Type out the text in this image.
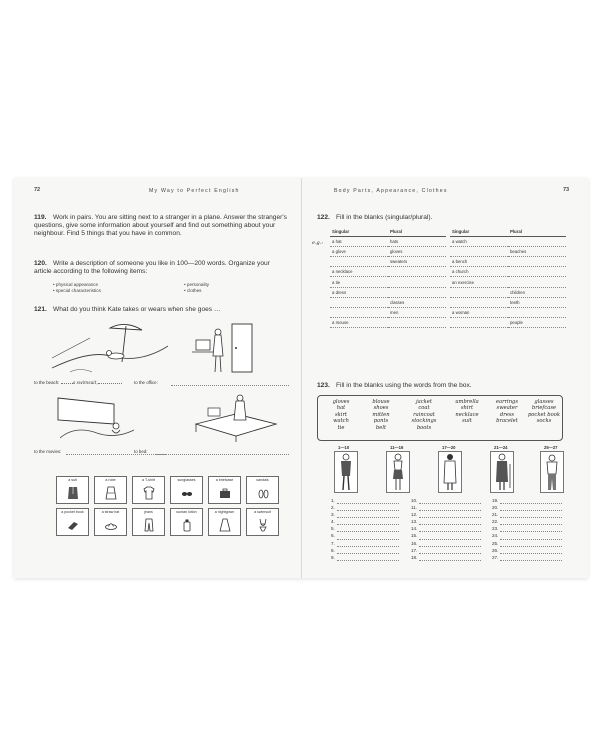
72	My Way to Perfect English
119. Work in pairs. You are sitting next to a stranger in a plane. Answer the stranger's questions, give some information about yourself and find out something about your neighbour. Find 5 things that you have in common.
120. Write a description of someone you like in 100—200 words. Organize your article according to the following items:
• physical appearance
• special characteristics
• personality
• clothes
121. What do you think Kate takes or wears when she goes …
to the beach:	a swimsuit,	to the office:
to the movies:	to bed:
a suit	a robe	a T-shirt	sunglasses	a briefcase	sandals
a pocket book	a straw hat	jeans	suntan lotion	a nightgown	a swimsuit
Body Parts, Appearance, Clothes	73
122. Fill in the blanks (singular/plural).
e.g.:
Singular	Plural		Singular	Plural
a hat	hats		a watch	
a glove	gloves			beaches
	sweaters		a bench	
a necklace			a church	
a tie			an exercise	
a dress				children
	classes			teeth
	men		a woman	
a mouse				people
123. Fill in the blanks using the words from the box.
gloves
hat
skirt
watch
tie
blouse
shoes
mitten
pants
belt
jacket
coat
raincoat
stockings
boots
umbrella
shirt
necklace
suit
earrings
sweater
dress
bracelet
glasses
briefcase
pocket book
socks
1—10	11—16	17—20	21—24	25—27
1.
2.
3.
4.
5.
6.
7.
8.
9.
10.
11.
12.
13.
14.
15.
16.
17.
18.
19.
20.
21.
22.
23.
24.
25.
26.
27.
